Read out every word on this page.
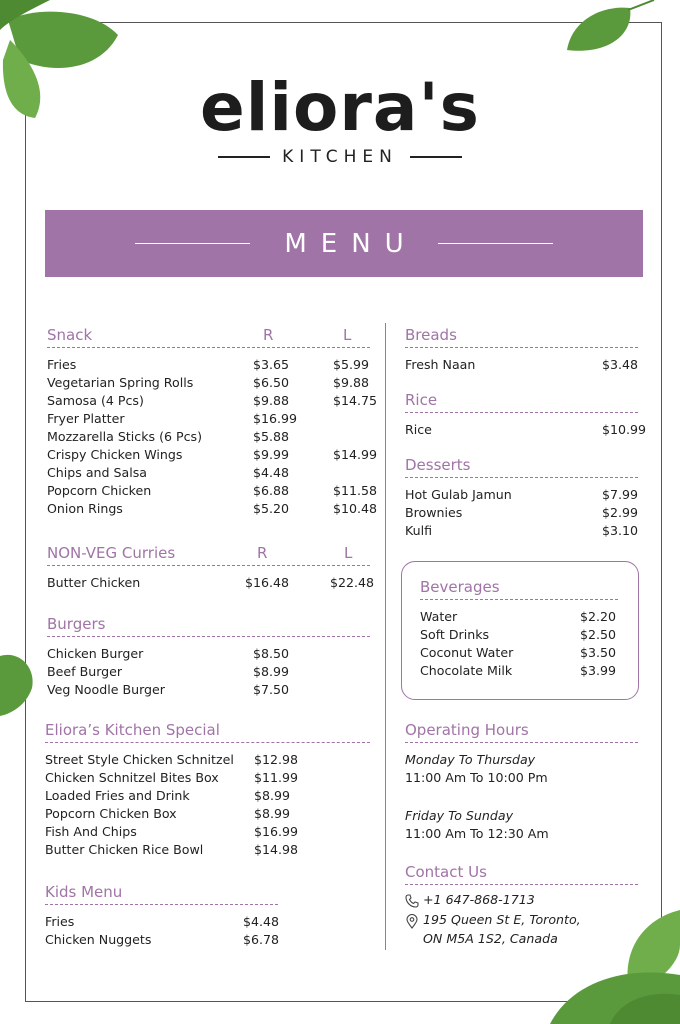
eliora's
KITCHEN
MENU
Snack	R	L
Fries	$3.65	$5.99
Vegetarian Spring Rolls	$6.50	$9.88
Samosa (4 Pcs)	$9.88	$14.75
Fryer Platter	$16.99
Mozzarella Sticks (6 Pcs)	$5.88
Crispy Chicken Wings	$9.99	$14.99
Chips and Salsa	$4.48
Popcorn Chicken	$6.88	$11.58
Onion Rings	$5.20	$10.48
NON-VEG Curries	R	L
Butter Chicken	$16.48	$22.48
Burgers
Chicken Burger	$8.50
Beef Burger	$8.99
Veg Noodle Burger	$7.50
Eliora’s Kitchen Special
Street Style Chicken Schnitzel	$12.98
Chicken Schnitzel Bites Box	$11.99
Loaded Fries and Drink	$8.99
Popcorn Chicken Box	$8.99
Fish And Chips	$16.99
Butter Chicken Rice Bowl	$14.98
Kids Menu
Fries	$4.48
Chicken Nuggets	$6.78
Breads
Fresh Naan	$3.48
Rice
Rice	$10.99
Desserts
Hot Gulab Jamun	$7.99
Brownies	$2.99
Kulfi	$3.10
Beverages
Water	$2.20
Soft Drinks	$2.50
Coconut Water	$3.50
Chocolate Milk	$3.99
Operating Hours
Monday To Thursday
11:00 Am To 10:00 Pm
Friday To Sunday
11:00 Am To 12:30 Am
Contact Us
+1 647-868-1713
195 Queen St E, Toronto,
ON M5A 1S2, Canada
